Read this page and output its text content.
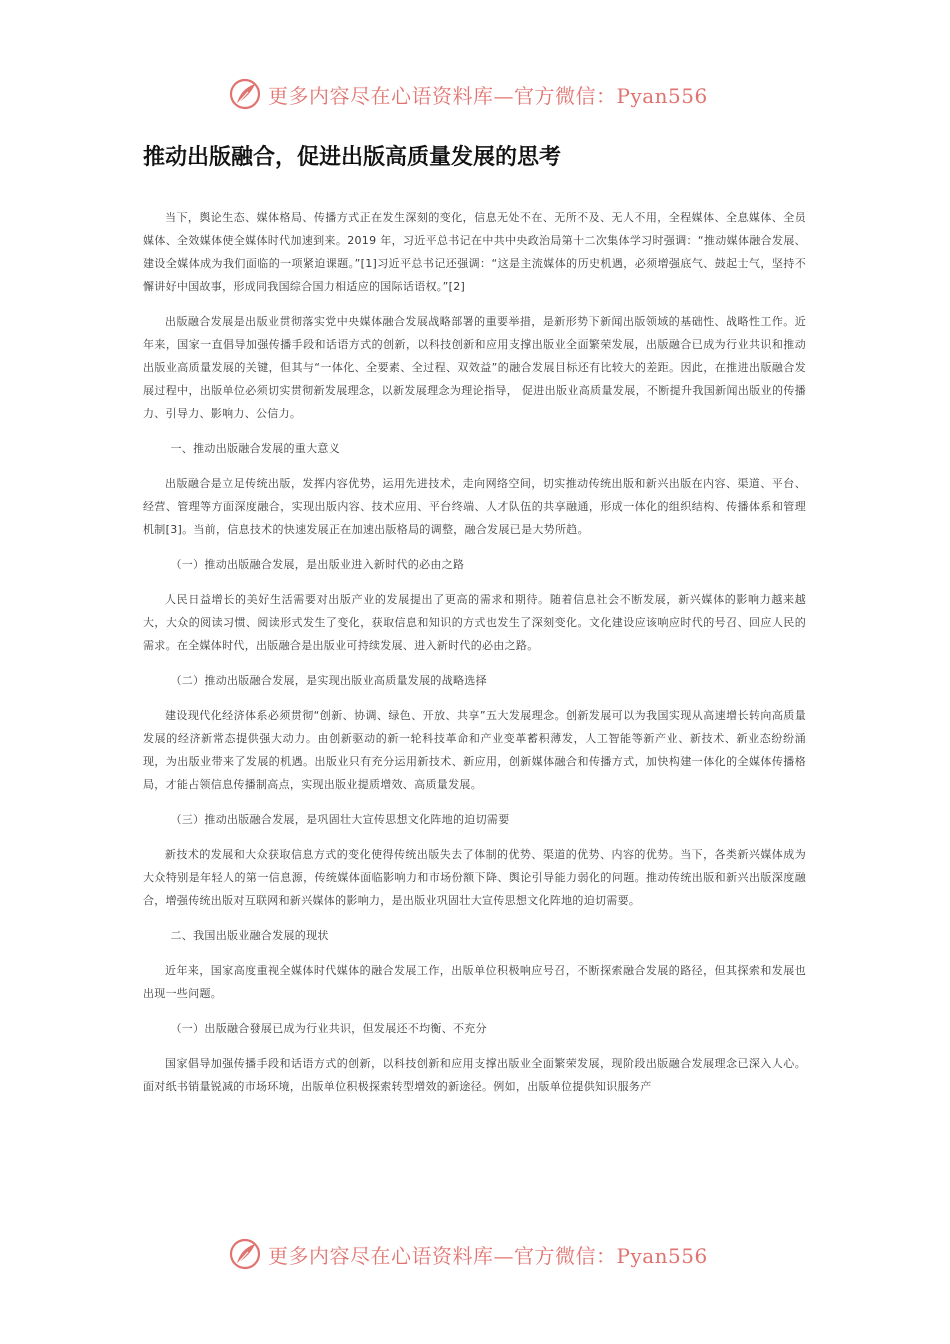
更多内容尽在心语资料库—官方微信：Pyan556
推动出版融合，促进出版高质量发展的思考

当下，舆论生态、媒体格局、传播方式正在发生深刻的变化，信息无处不在、无所不及、无人不用，全程媒体、全息媒体、全员媒体、全效媒体使全媒体时代加速到来。2019 年，习近平总书记在中共中央政治局第十二次集体学习时强调：“推动媒体融合发展、建设全媒体成为我们面临的一项紧迫课题。”[1]习近平总书记还强调：“这是主流媒体的历史机遇，必须增强底气、鼓起士气，坚持不懈讲好中国故事，形成同我国综合国力相适应的国际话语权。”[2]

出版融合发展是出版业贯彻落实党中央媒体融合发展战略部署的重要举措，是新形势下新闻出版领域的基础性、战略性工作。近年来，国家一直倡导加强传播手段和话语方式的创新，以科技创新和应用支撑出版业全面繁荣发展，出版融合已成为行业共识和推动出版业高质量发展的关键，但其与“一体化、全要素、全过程、双效益”的融合发展目标还有比较大的差距。因此，在推进出版融合发展过程中，出版单位必须切实贯彻新发展理念，以新发展理念为理论指导， 促进出版业高质量发展，不断提升我国新闻出版业的传播力、引导力、影响力、公信力。

一、推动出版融合发展的重大意义

出版融合是立足传统出版，发挥内容优势，运用先进技术，走向网络空间，切实推动传统出版和新兴出版在内容、渠道、平台、经营、管理等方面深度融合，实现出版内容、技术应用、平台终端、人才队伍的共享融通，形成一体化的组织结构、传播体系和管理机制[3]。当前，信息技术的快速发展正在加速出版格局的调整，融合发展已是大势所趋。

（一）推动出版融合发展，是出版业进入新时代的必由之路

人民日益增长的美好生活需要对出版产业的发展提出了更高的需求和期待。随着信息社会不断发展，新兴媒体的影响力越来越大，大众的阅读习惯、阅读形式发生了变化，获取信息和知识的方式也发生了深刻变化。文化建设应该响应时代的号召、回应人民的需求。在全媒体时代，出版融合是出版业可持续发展、进入新时代的必由之路。

（二）推动出版融合发展，是实现出版业高质量发展的战略选择

建设现代化经济体系必须贯彻“创新、协调、绿色、开放、共享”五大发展理念。创新发展可以为我国实现从高速增长转向高质量发展的经济新常态提供强大动力。由创新驱动的新一轮科技革命和产业变革蓄积薄发，人工智能等新产业、新技术、新业态纷纷涌现，为出版业带来了发展的机遇。出版业只有充分运用新技术、新应用，创新媒体融合和传播方式，加快构建一体化的全媒体传播格局，才能占领信息传播制高点，实现出版业提质增效、高质量发展。

（三）推动出版融合发展，是巩固壮大宣传思想文化阵地的迫切需要

新技术的发展和大众获取信息方式的变化使得传统出版失去了体制的优势、渠道的优势、内容的优势。当下，各类新兴媒体成为大众特别是年轻人的第一信息源，传统媒体面临影响力和市场份额下降、舆论引导能力弱化的问题。推动传统出版和新兴出版深度融合，增强传统出版对互联网和新兴媒体的影响力，是出版业巩固壮大宣传思想文化阵地的迫切需要。

二、我国出版业融合发展的现状

近年来，国家高度重视全媒体时代媒体的融合发展工作，出版单位积极响应号召，不断探索融合发展的路径，但其探索和发展也出现一些问题。

（一）出版融合發展已成为行业共识，但发展还不均衡、不充分

国家倡导加强传播手段和话语方式的创新，以科技创新和应用支撑出版业全面繁荣发展，现阶段出版融合发展理念已深入人心。面对纸书销量锐减的市场环境，出版单位积极探索转型增效的新途径。例如，出版单位提供知识服务产

更多内容尽在心语资料库—官方微信：Pyan556
